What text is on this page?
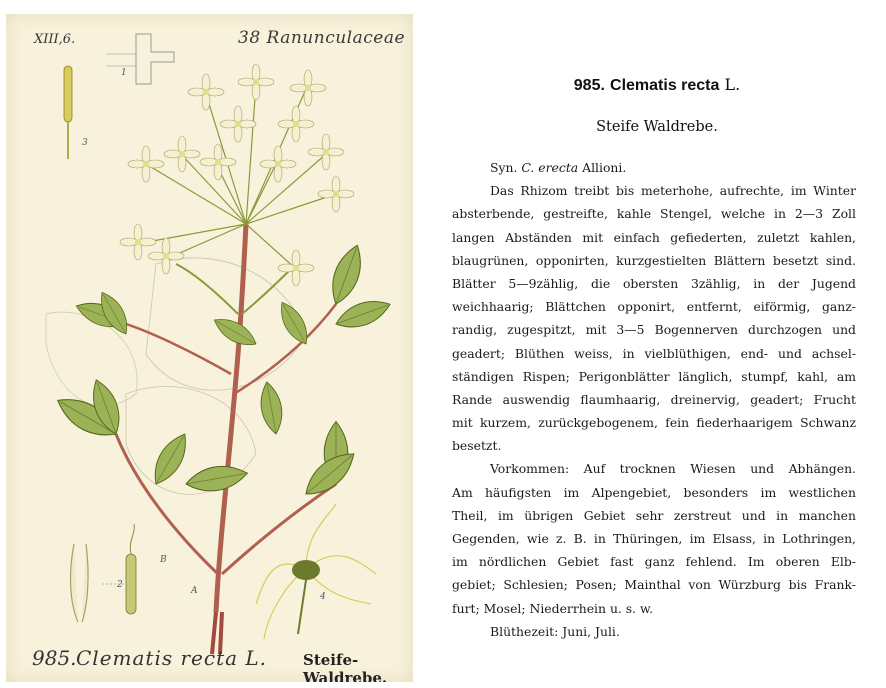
XIII,6.	38 Ranunculaceae
1
2
3
4
A
B
985. Clematis recta L. Steife-Waldrebe.
985. Clematis recta L.
Steife Waldrebe.
Syn. C. erecta Allioni.
Das Rhizom treibt bis meterhohe, aufrechte, im Winter
absterbende, gestreifte, kahle Stengel, welche in 2—3 Zoll
langen Abständen mit einfach gefiederten, zuletzt kahlen,
blaugrünen, opponirten, kurzgestielten Blättern besetzt sind.
Blätter 5—9zählig, die obersten 3zählig, in der Jugend
weichhaarig; Blättchen opponirt, entfernt, eiförmig, ganz-
randig, zugespitzt, mit 3—5 Bogennerven durchzogen und
geadert; Blüthen weiss, in vielblüthigen, end- und achsel-
ständigen Rispen; Perigonblätter länglich, stumpf, kahl, am
Rande auswendig flaumhaarig, dreinervig, geadert; Frucht
mit kurzem, zurückgebogenem, fein fiederhaarigem Schwanz
besetzt.
Vorkommen: Auf trocknen Wiesen und Abhängen.
Am häufigsten im Alpengebiet, besonders im westlichen
Theil, im übrigen Gebiet sehr zerstreut und in manchen
Gegenden, wie z. B. in Thüringen, im Elsass, in Lothringen,
im nördlichen Gebiet fast ganz fehlend. Im oberen Elb-
gebiet; Schlesien; Posen; Mainthal von Würzburg bis Frank-
furt; Mosel; Niederrhein u. s. w.
Blüthezeit: Juni, Juli.
